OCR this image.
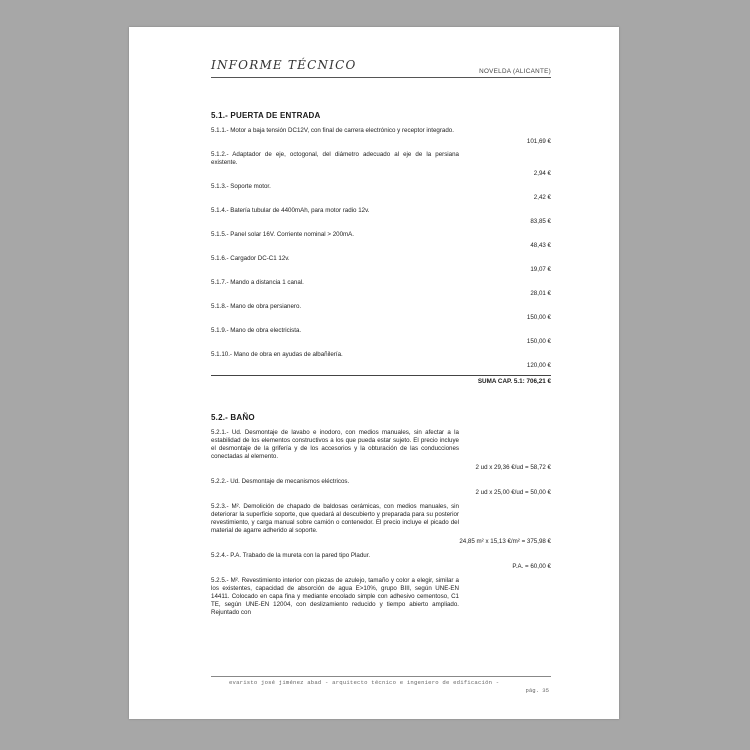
INFORME TÉCNICO	NOVELDA (ALICANTE)
5.1.- PUERTA DE ENTRADA
5.1.1.- Motor a baja tensión DC12V, con final de carrera electrónico y receptor integrado.
101,69 €
5.1.2.- Adaptador de eje, octogonal, del diámetro adecuado al eje de la persiana existente.
2,94 €
5.1.3.- Soporte motor.
2,42 €
5.1.4.- Batería tubular de 4400mAh, para motor radio 12v.
83,85 €
5.1.5.- Panel solar 16V. Corriente nominal > 200mA.
48,43 €
5.1.6.- Cargador DC-C1 12v.
19,07 €
5.1.7.- Mando a distancia 1 canal.
28,01 €
5.1.8.- Mano de obra persianero.
150,00 €
5.1.9.- Mano de obra electricista.
150,00 €
5.1.10.- Mano de obra en ayudas de albañilería.
120,00 €
SUMA CAP. 5.1: 706,21 €
5.2.- BAÑO
5.2.1.- Ud. Desmontaje de lavabo e inodoro, con medios manuales, sin afectar a la estabilidad de los elementos constructivos a los que pueda estar sujeto. El precio incluye el desmontaje de la grifería y de los accesorios y la obturación de las conducciones conectadas al elemento.
2 ud x 29,36 €/ud = 58,72 €
5.2.2.- Ud. Desmontaje de mecanismos eléctricos.
2 ud x 25,00 €/ud = 50,00 €
5.2.3.- M². Demolición de chapado de baldosas cerámicas, con medios manuales, sin deteriorar la superficie soporte, que quedará al descubierto y preparada para su posterior revestimiento, y carga manual sobre camión o contenedor. El precio incluye el picado del material de agarre adherido al soporte.
24,85 m² x 15,13 €/m² = 375,98 €
5.2.4.- P.A. Trabado de la mureta con la pared tipo Pladur.
P.A. = 60,00 €
5.2.5.- M². Revestimiento interior con piezas de azulejo, tamaño y color a elegir, similar a los existentes, capacidad de absorción de agua E>10%, grupo BIII, según UNE-EN 14411. Colocado en capa fina y mediante encolado simple con adhesivo cementoso, C1 TE, según UNE-EN 12004, con deslizamiento reducido y tiempo abierto ampliado. Rejuntado con
evaristo josé jiménez abad - arquitecto técnico e ingeniero de edificación -
pág. 35
